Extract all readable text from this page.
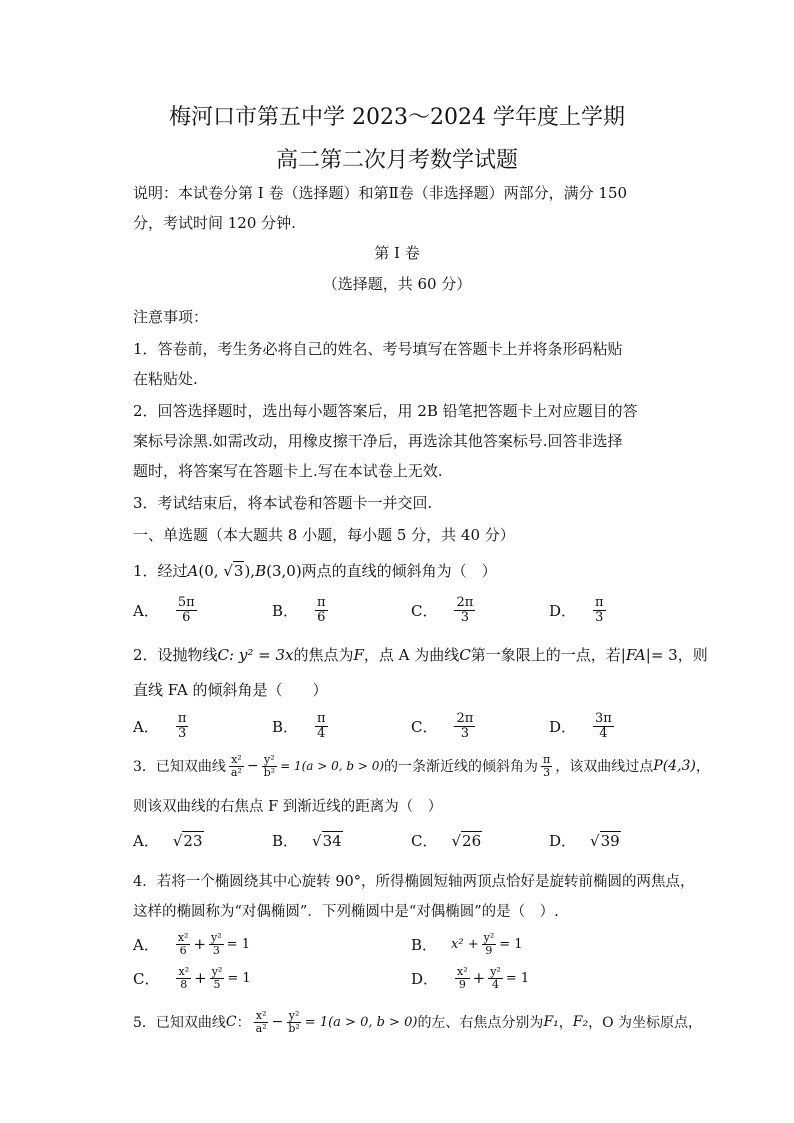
梅河口市第五中学 2023～2024 学年度上学期
高二第二次月考数学试题
说明：本试卷分第 I 卷（选择题）和第Ⅱ卷（非选择题）两部分，满分 150
分，考试时间 120 分钟.
第 I 卷
（选择题，共 60 分）
注意事项：
1．答卷前，考生务必将自己的姓名、考号填写在答题卡上并将条形码粘贴
在粘贴处.
2．回答选择题时，选出每小题答案后，用 2B 铅笔把答题卡上对应题目的答
案标号涂黑.如需改动，用橡皮擦干净后，再选涂其他答案标号.回答非选择
题时，将答案写在答题卡上.写在本试卷上无效.
3．考试结束后，将本试卷和答题卡一并交回.
一、单选题（本大题共 8 小题，每小题 5 分，共 40 分）
1．经过A(0, √3),B(3,0)两点的直线的倾斜角为（　）
A． $\frac{5\pi}{6}$	B． $\frac{\pi}{6}$	C． $\frac{2\pi}{3}$	D． $\frac{\pi}{3}$
2．设抛物线C: y² = 3x的焦点为F，点 A 为曲线C第一象限上的一点，若|FA|= 3，则
直线 FA 的倾斜角是（　　）
A． $\frac{\pi}{3}$	B． $\frac{\pi}{4}$	C． $\frac{2\pi}{3}$	D． $\frac{3\pi}{4}$
3．已知双曲线 $\frac{\text{x²}}{\text{a²}} - \frac{\text{y²}}{\text{b²}} = 1(a > 0$, b > 0) 的一条渐近线的倾斜角为 $\frac{\pi}{3}$ ，该双曲线过点 P(4,3) ，
则该双曲线的右焦点 F 到渐近线的距离为（　）
A． √23	B． √34	C． √26	D． √39
4．若将一个椭圆绕其中心旋转 90°，所得椭圆短轴两顶点恰好是旋转前椭圆的两焦点，
这样的椭圆称为“对偶椭圆”．下列椭圆中是“对偶椭圆”的是（　）.
A． $\frac{\text{x²}}{6} + \frac{\text{y²}}{3} = 1$	B． $x^2 + \frac{\text{y²}}{9} = 1$
C． $\frac{\text{x²}}{8} + \frac{\text{y²}}{5} = 1$	D． $\frac{\text{x²}}{9} + \frac{\text{y²}}{4} = 1$
5．已知双曲线 C ： $\frac{\text{x²}}{\text{a²}} - \frac{\text{y²}}{\text{b²}} = 1(a > 0$, b > 0) 的左、右焦点分别为 F₁ ， F₂ ，O 为坐标原点，
